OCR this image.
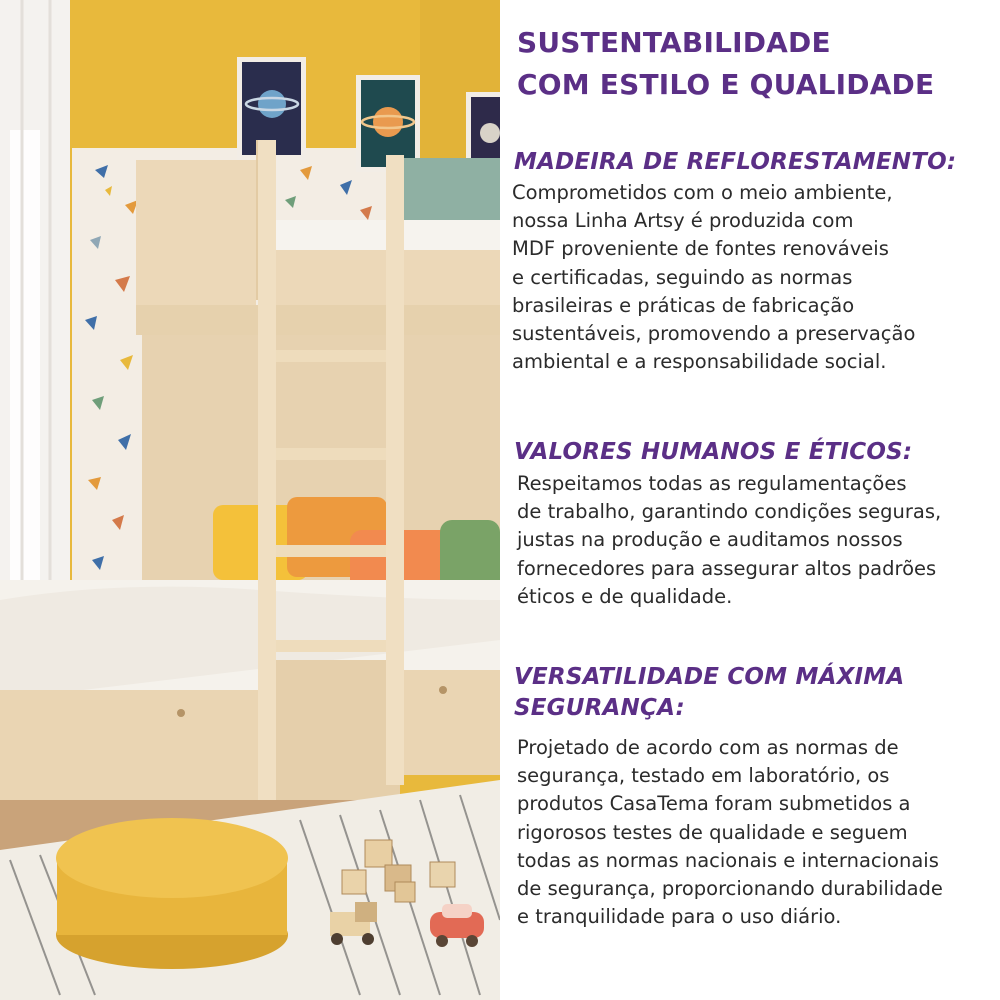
SUSTENTABILIDADE
COM ESTILO E QUALIDADE
MADEIRA DE REFLORESTAMENTO:

Comprometidos com o meio ambiente,
nossa Linha Artsy é produzida com
MDF proveniente de fontes renováveis
e certificadas, seguindo as normas
brasileiras e práticas de fabricação
sustentáveis, promovendo a preservação
ambiental e a responsabilidade social.

VALORES HUMANOS E ÉTICOS:

Respeitamos todas as regulamentações
de trabalho, garantindo condições seguras,
justas na produção e auditamos nossos
fornecedores para assegurar altos padrões
éticos e de qualidade.

VERSATILIDADE COM MÁXIMA
SEGURANÇA:

Projetado de acordo com as normas de
segurança, testado em laboratório, os
produtos CasaTema foram submetidos a
rigorosos testes de qualidade e seguem
todas as normas nacionais e internacionais
de segurança, proporcionando durabilidade
e tranquilidade para o uso diário.
